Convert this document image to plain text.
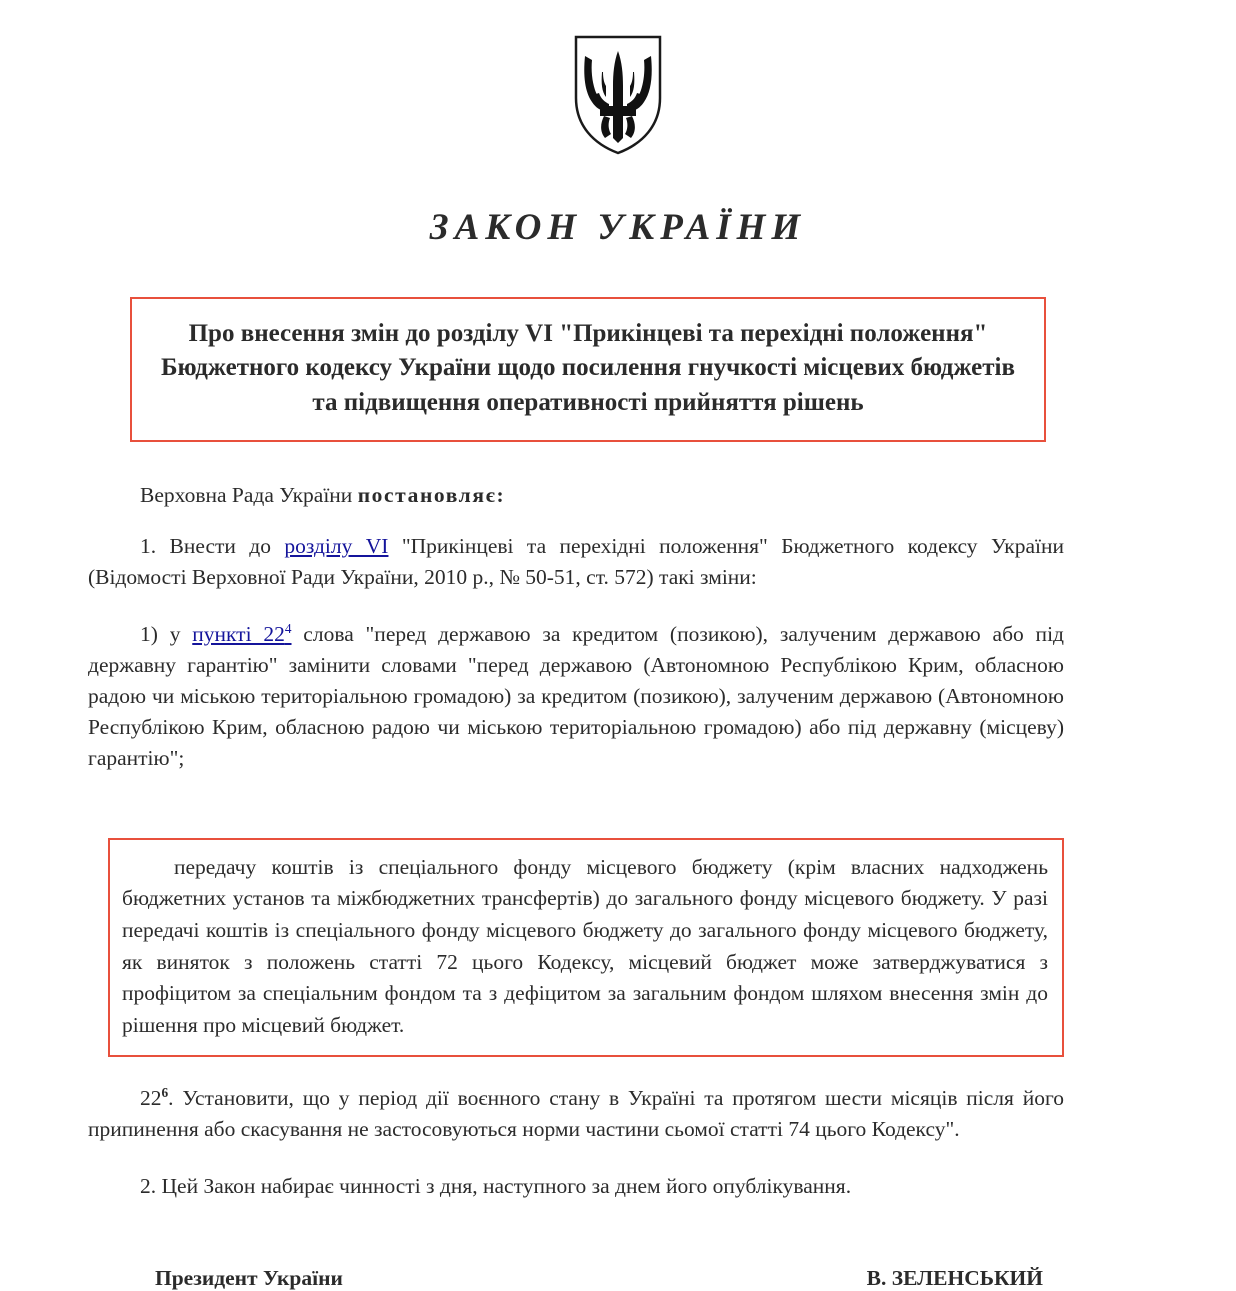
ЗАКОН УКРАЇНИ

Про внесення змін до розділу VI "Прикінцеві та перехідні положення" Бюджетного кодексу України щодо посилення гнучкості місцевих бюджетів та підвищення оперативності прийняття рішень

Верховна Рада України постановляє:

1. Внести до розділу VI "Прикінцеві та перехідні положення" Бюджетного кодексу України (Відомості Верховної Ради України, 2010 р., № 50-51, ст. 572) такі зміни:

1) у пункті 22$^4$ слова "перед державою за кредитом (позикою), залученим державою або під державну гарантію" замінити словами "перед державою (Автономною Республікою Крим, обласною радою чи міською територіальною громадою) за кредитом (позикою), залученим державою (Автономною Республікою Крим, обласною радою чи міською територіальною громадою) або під державну (місцеву) гарантію";

передачу коштів із спеціального фонду місцевого бюджету (крім власних надходжень бюджетних установ та міжбюджетних трансфертів) до загального фонду місцевого бюджету. У разі передачі коштів із спеціального фонду місцевого бюджету до загального фонду місцевого бюджету, як виняток з положень статті 72 цього Кодексу, місцевий бюджет може затверджуватися з профіцитом за спеціальним фондом та з дефіцитом за загальним фондом шляхом внесення змін до рішення про місцевий бюджет.

$22^6$. Установити, що у період дії воєнного стану в Україні та протягом шести місяців після його припинення або скасування не застосовуються норми частини сьомої статті 74 цього Кодексу".

2. Цей Закон набирає чинності з дня, наступного за днем його опублікування.

Президент України	В. ЗЕЛЕНСЬКИЙ
